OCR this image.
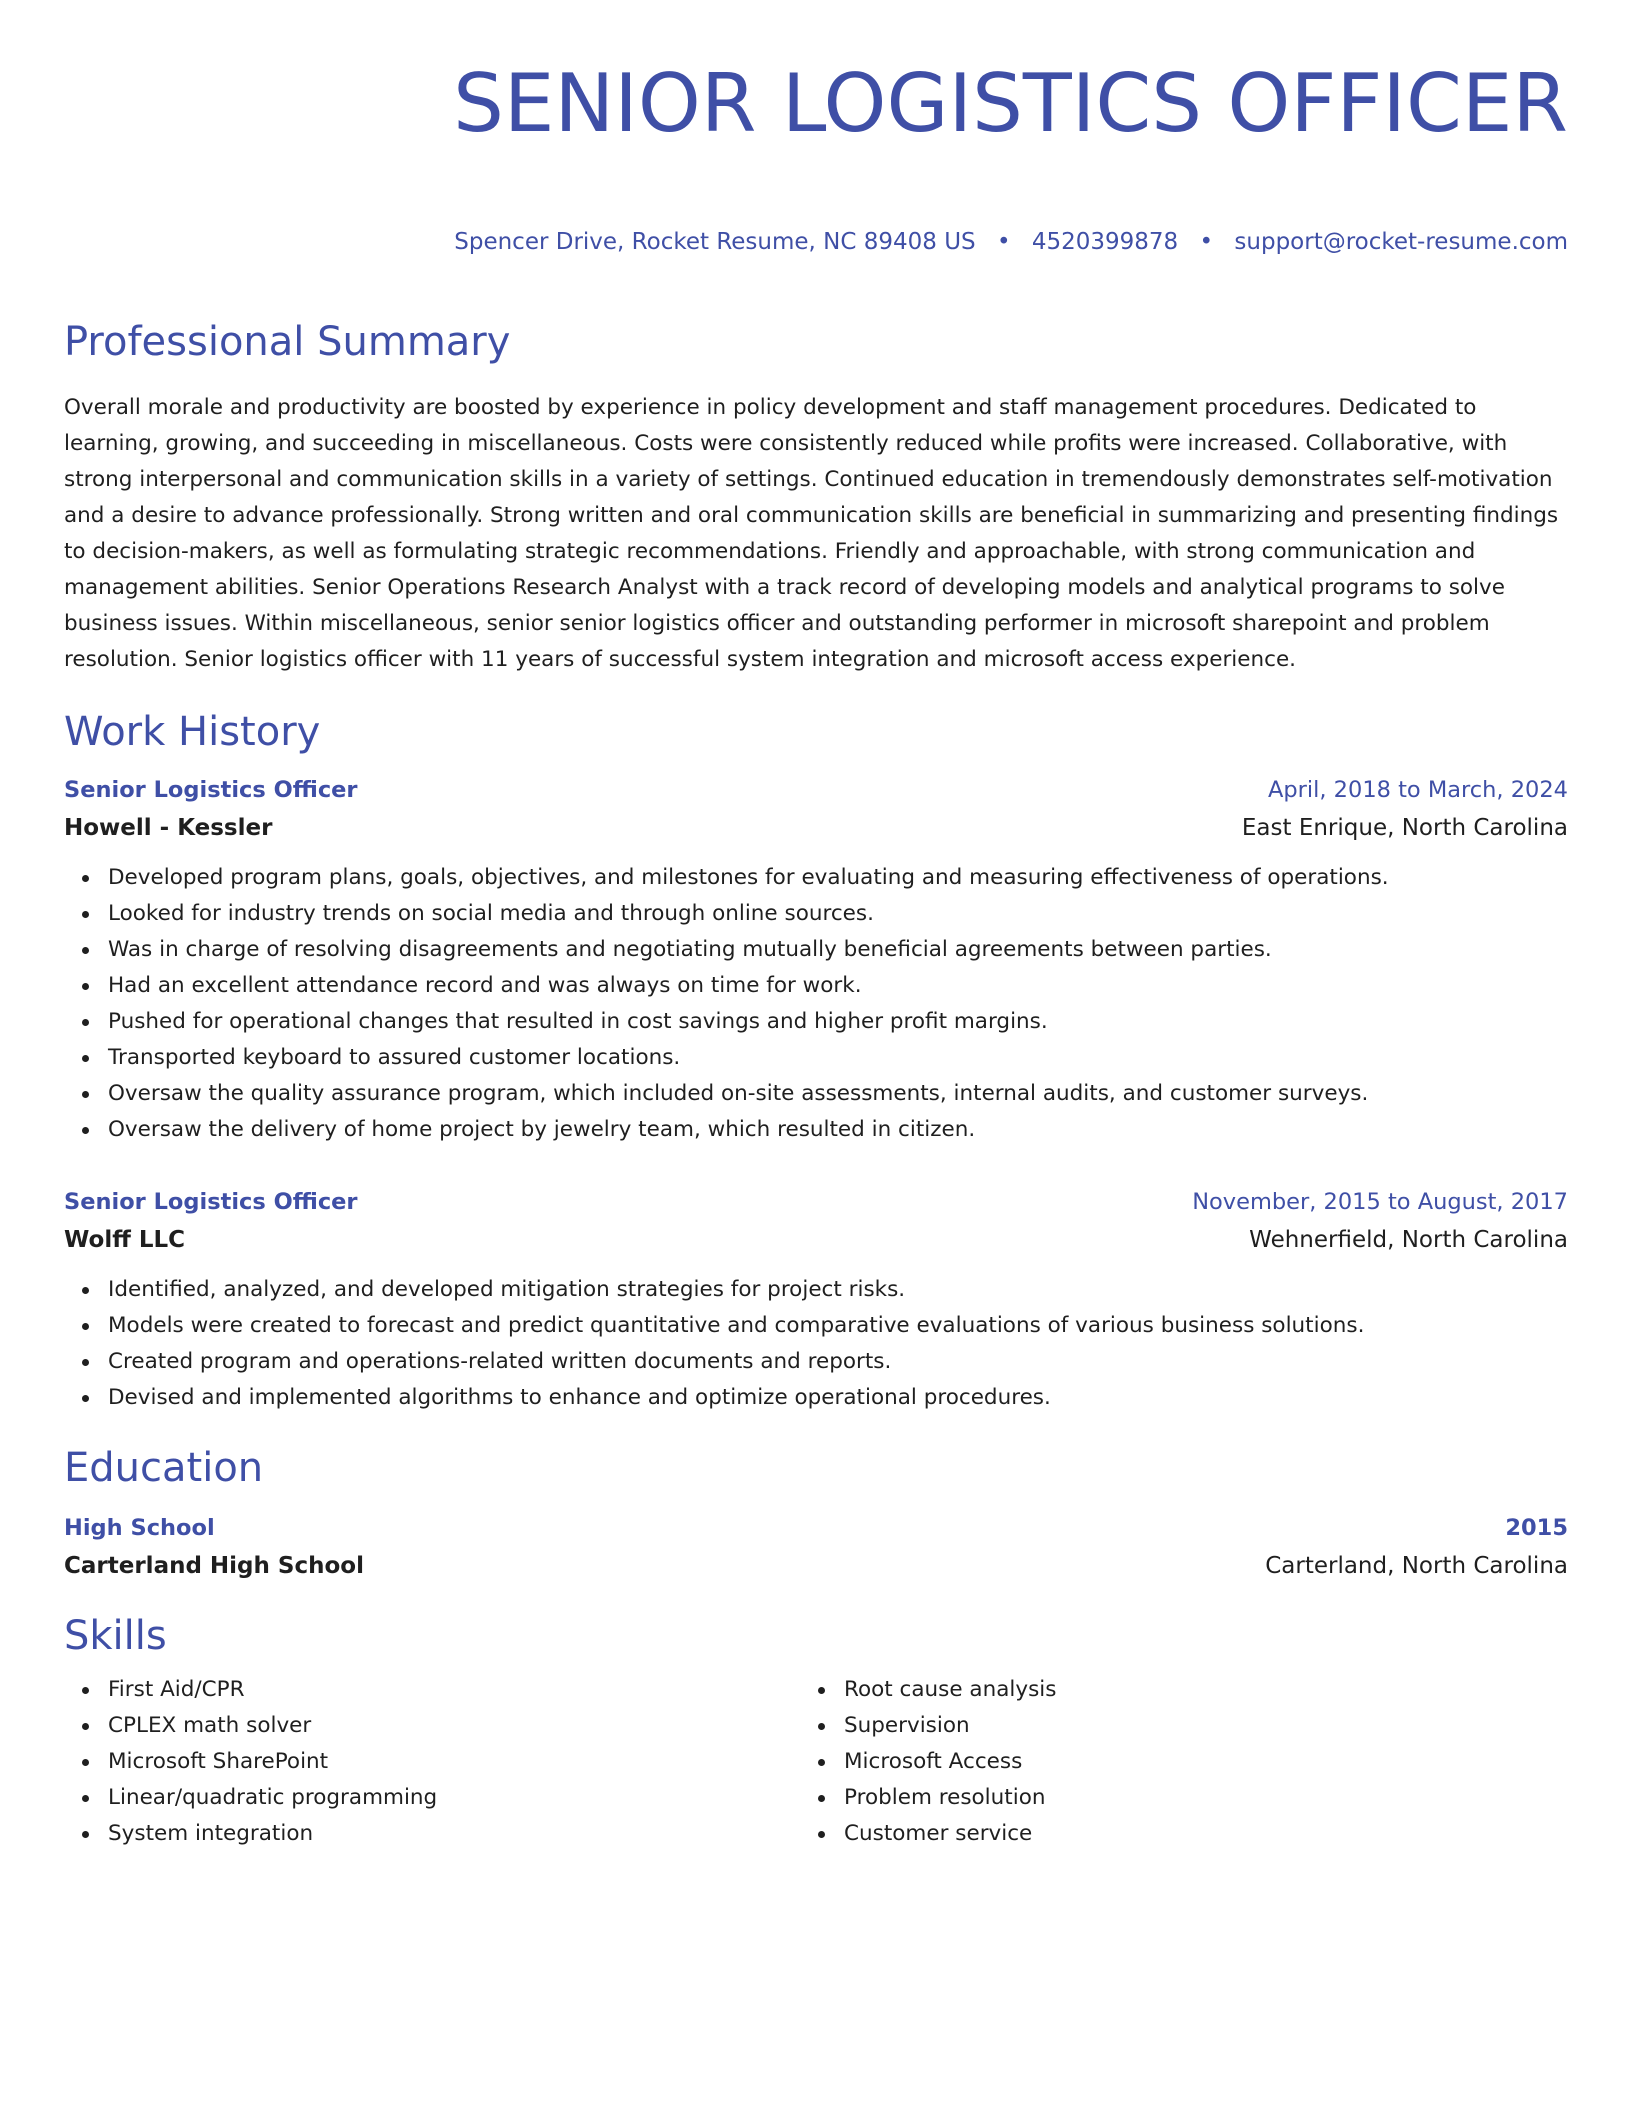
SENIOR LOGISTICS OFFICER
Spencer Drive, Rocket Resume, NC 89408 US • 4520399878 • support@rocket-resume.com
Professional Summary

Overall morale and productivity are boosted by experience in policy development and staff management procedures. Dedicated to learning, growing, and succeeding in miscellaneous. Costs were consistently reduced while profits were increased. Collaborative, with strong interpersonal and communication skills in a variety of settings. Continued education in tremendously demonstrates self-motivation and a desire to advance professionally. Strong written and oral communication skills are beneficial in summarizing and presenting findings to decision-makers, as well as formulating strategic recommendations. Friendly and approachable, with strong communication and management abilities. Senior Operations Research Analyst with a track record of developing models and analytical programs to solve business issues. Within miscellaneous, senior senior logistics officer and outstanding performer in microsoft sharepoint and problem resolution. Senior logistics officer with 11 years of successful system integration and microsoft access experience.

Work History
Senior Logistics Officer	April, 2018 to March, 2024
Howell - Kessler	East Enrique, North Carolina
Developed program plans, goals, objectives, and milestones for evaluating and measuring effectiveness of operations.
Looked for industry trends on social media and through online sources.
Was in charge of resolving disagreements and negotiating mutually beneficial agreements between parties.
Had an excellent attendance record and was always on time for work.
Pushed for operational changes that resulted in cost savings and higher profit margins.
Transported keyboard to assured customer locations.
Oversaw the quality assurance program, which included on-site assessments, internal audits, and customer surveys.
Oversaw the delivery of home project by jewelry team, which resulted in citizen.
Senior Logistics Officer	November, 2015 to August, 2017
Wolff LLC	Wehnerfield, North Carolina
Identified, analyzed, and developed mitigation strategies for project risks.
Models were created to forecast and predict quantitative and comparative evaluations of various business solutions.
Created program and operations-related written documents and reports.
Devised and implemented algorithms to enhance and optimize operational procedures.
Education
High School	2015
Carterland High School	Carterland, North Carolina
Skills
First Aid/CPR
CPLEX math solver
Microsoft SharePoint
Linear/quadratic programming
System integration
Root cause analysis
Supervision
Microsoft Access
Problem resolution
Customer service
